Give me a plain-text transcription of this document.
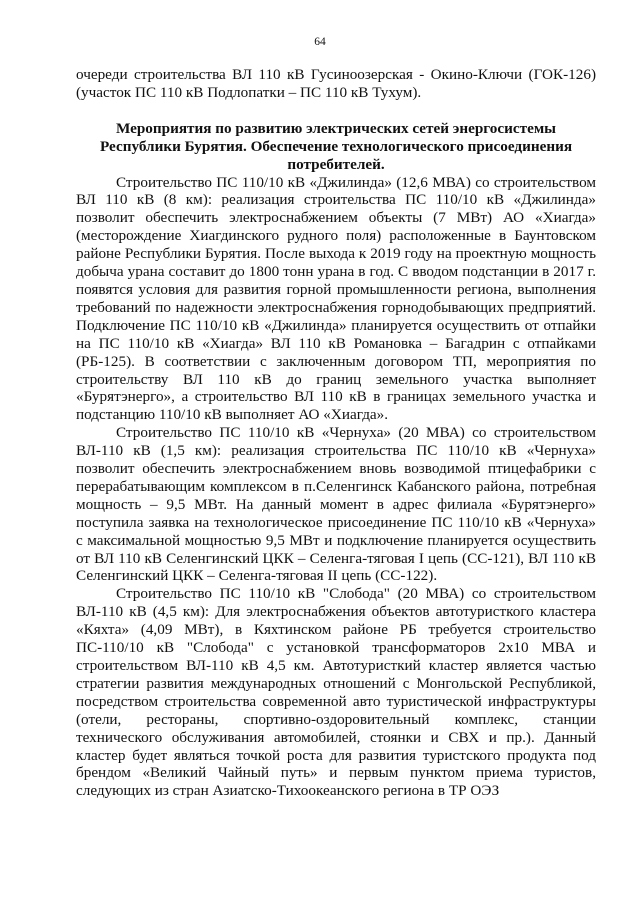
64

очереди строительства ВЛ 110 кВ Гусиноозерская - Окино-Ключи (ГОК-126) (участок ПС 110 кВ Подлопатки – ПС 110 кВ Тухум).

Мероприятия по развитию электрических сетей энергосистемы Республики Бурятия. Обеспечение технологического присоединения потребителей.

Строительство ПС 110/10 кВ «Джилинда» (12,6 МВА) со строительством ВЛ 110 кВ (8 км): реализация строительства ПС 110/10 кВ «Джилинда» позволит обеспечить электроснабжением объекты (7 МВт) АО «Хиагда» (месторождение Хиагдинского рудного поля) расположенные в Баунтовском районе Республики Бурятия. После выхода к 2019 году на проектную мощность добыча урана составит до 1800 тонн урана в год. С вводом подстанции в 2017 г. появятся условия для развития горной промышленности региона, выполнения требований по надежности электроснабжения горнодобывающих предприятий. Подключение ПС 110/10 кВ «Джилинда» планируется осуществить от отпайки на ПС 110/10 кВ «Хиагда» ВЛ 110 кВ Романовка – Багадрин с отпайками (РБ-125). В соответствии с заключенным договором ТП, мероприятия по строительству ВЛ 110 кВ до границ земельного участка выполняет «Бурятэнерго», а строительство ВЛ 110 кВ в границах земельного участка и подстанцию 110/10 кВ выполняет АО «Хиагда».

Строительство ПС 110/10 кВ «Чернуха» (20 МВА) со строительством ВЛ-110 кВ (1,5 км): реализация строительства ПС 110/10 кВ «Чернуха» позволит обеспечить электроснабжением вновь возводимой птицефабрики с перерабатывающим комплексом в п.Селенгинск Кабанского района, потребная мощность – 9,5 МВт. На данный момент в адрес филиала «Бурятэнерго» поступила заявка на технологическое присоединение ПС 110/10 кВ «Чернуха» с максимальной мощностью 9,5 МВт и подключение планируется осуществить от ВЛ 110 кВ Селенгинский ЦКК – Селенга-тяговая I цепь (СС-121), ВЛ 110 кВ Селенгинский ЦКК – Селенга-тяговая II цепь (СС-122).

Строительство ПС 110/10 кВ "Слобода" (20 МВА) со строительством ВЛ-110 кВ (4,5 км): Для электроснабжения объектов автотуристкого кластера «Кяхта» (4,09 МВт), в Кяхтинском районе РБ требуется строительство ПС-110/10 кВ "Слобода" с установкой трансформаторов 2х10 МВА и строительством ВЛ-110 кВ 4,5 км. Автотуристкий кластер является частью стратегии развития международных отношений с Монгольской Республикой, посредством строительства современной авто туристической инфраструктуры (отели, рестораны, спортивно-оздоровительный комплекс, станции технического обслуживания автомобилей, стоянки и СВХ и пр.). Данный кластер будет являться точкой роста для развития туристского продукта под брендом «Великий Чайный путь» и первым пунктом приема туристов, следующих из стран Азиатско-Тихоокеанского региона в ТР ОЭЗ
